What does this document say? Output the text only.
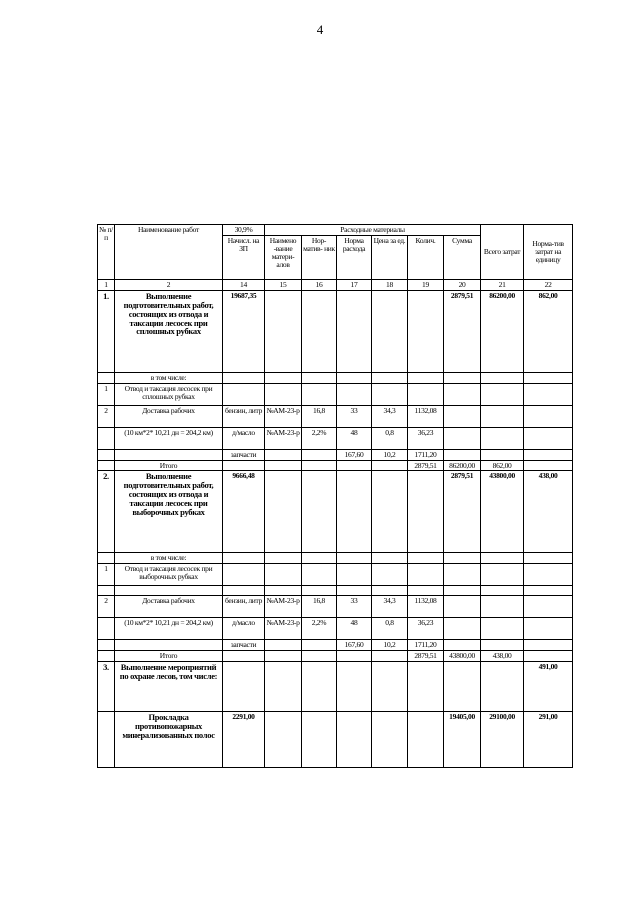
4
№ п/п	Наименование работ	30,9%	Расходные материалы						Всего затрат	Норма-тив затрат на единицу
		Начисл. на ЗП	Наимено -вание матери- алов	Нор- матив- ник	Норма расхода	Цена за ед.	Колич.	Сумма		
1	2	14	15	16	17	18	19	20	21	22
1.	Выполнение подготовительных работ, состоящих из отвода и таксации лесосек при сплошных рубках	19687,35						2879,51	86200,00	862,00
	в том числе:									
1	Отвод и таксация лесосек при сплошных рубках									
2	Доставка рабочих	бензин, литр	№АМ-23-р	16,8	33	34,3	1132,08			
	(10 км*2* 10,21 дн = 204,2 км)	д/масло	№АМ-23-р	2,2%	48	0,8	36,23			
		запчасти			167,60	10,2	1711,20			
	Итого						2879,51	86200,00	862,00	
2.	Выполнение подготовительных работ, состоящих из отвода и таксации лесосек при выборочных рубках	9666,48						2879,51	43800,00	438,00
	в том числе:									
1	Отвод и таксация лесосек при выборочных рубках									

2	Доставка рабочих	бензин, литр	№АМ-23-р	16,8	33	34,3	1132,08			
	(10 км*2* 10,21 дн = 204,2 км)	д/масло	№АМ-23-р	2,2%	48	0,8	36,23			
		запчасти			167,60	10,2	1711,20			
	Итого						2879,51	43800,00	438,00	
3.	Выполнение мероприятий по охране лесов, том числе:									491,00
	Прокладка противопожарных минерализованных полос	2291,00						19405,00	29100,00	291,00
